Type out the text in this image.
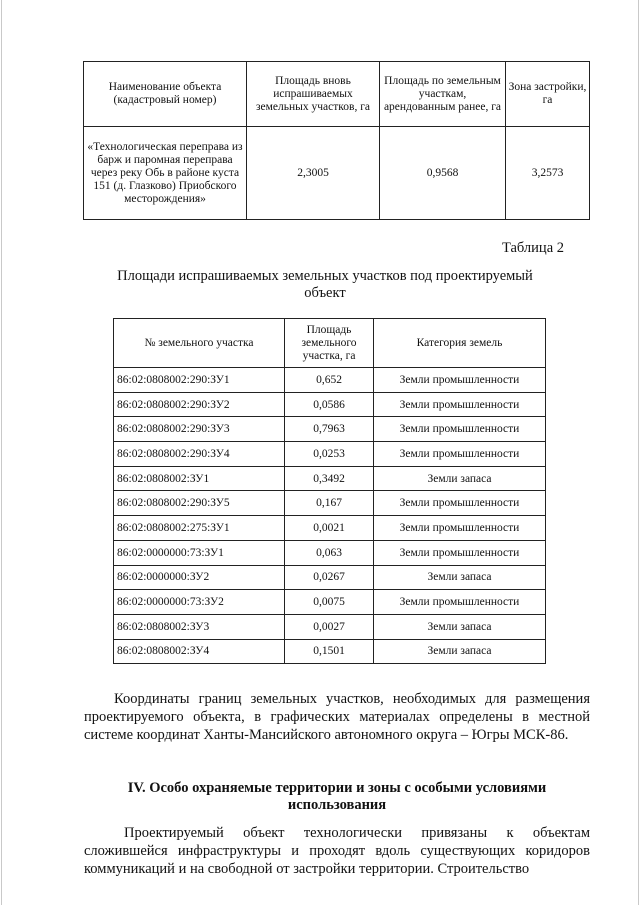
Наименование объекта (кадастровый номер)	Площадь вновь испрашиваемых земельных участков, га	Площадь по земельным участкам, арендованным ранее, га	Зона застройки, га
«Технологическая переправа из барж и паромная переправа через реку Обь в районе куста 151 (д. Глазково) Приобского месторождения»	2,3005	0,9568	3,2573
Таблица 2
Площади испрашиваемых земельных участков под проектируемый объект
№ земельного участка	Площадь земельного участка, га	Категория земель
86:02:0808002:290:ЗУ1	0,652	Земли промышленности
86:02:0808002:290:ЗУ2	0,0586	Земли промышленности
86:02:0808002:290:ЗУ3	0,7963	Земли промышленности
86:02:0808002:290:ЗУ4	0,0253	Земли промышленности
86:02:0808002:ЗУ1	0,3492	Земли запаса
86:02:0808002:290:ЗУ5	0,167	Земли промышленности
86:02:0808002:275:ЗУ1	0,0021	Земли промышленности
86:02:0000000:73:ЗУ1	0,063	Земли промышленности
86:02:0000000:ЗУ2	0,0267	Земли запаса
86:02:0000000:73:ЗУ2	0,0075	Земли промышленности
86:02:0808002:ЗУ3	0,0027	Земли запаса
86:02:0808002:ЗУ4	0,1501	Земли запаса
Координаты границ земельных участков, необходимых для размещения проектируемого объекта, в графических материалах определены в местной системе координат Ханты-Мансийского автономного округа – Югры МСК-86.
IV. Особо охраняемые территории и зоны с особыми условиями использования
Проектируемый объект технологически привязаны к объектам сложившейся инфраструктуры и проходят вдоль существующих коридоров коммуникаций и на свободной от застройки территории. Строительство
